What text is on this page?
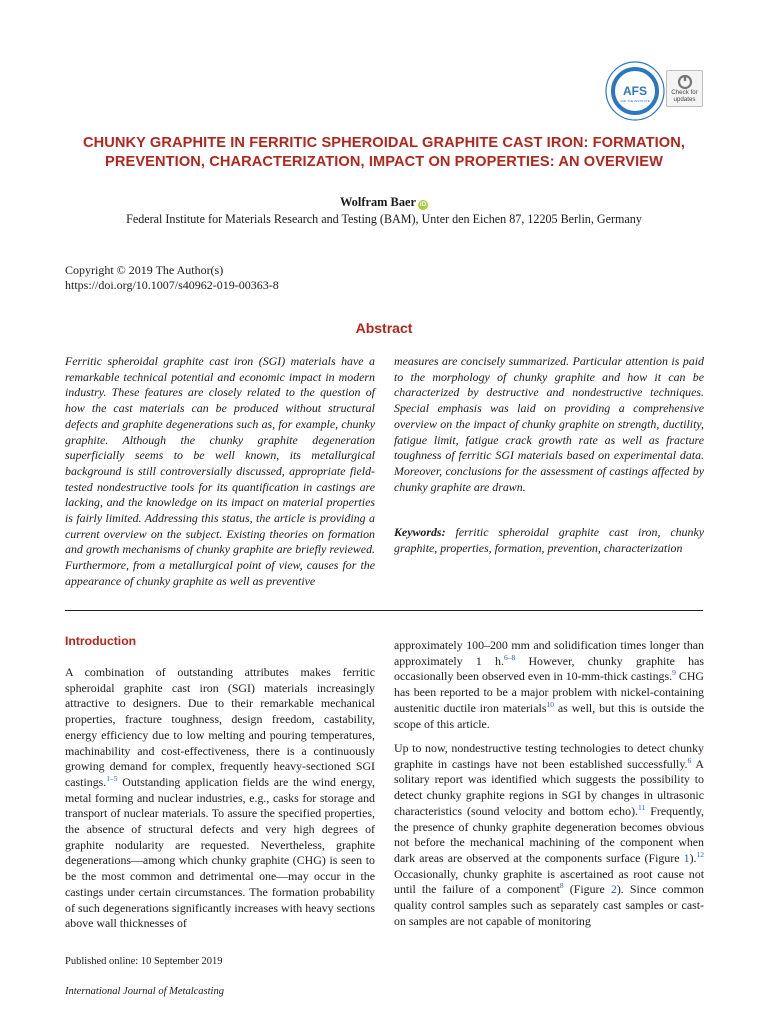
AFS
AND THE INSTITUTE
AMERICAN FOUNDRY SOCIETY
Check for
updates
CHUNKY GRAPHITE IN FERRITIC SPHEROIDAL GRAPHITE CAST IRON: FORMATION,
PREVENTION, CHARACTERIZATION, IMPACT ON PROPERTIES: AN OVERVIEW
Wolfram Baer iD
Federal Institute for Materials Research and Testing (BAM), Unter den Eichen 87, 12205 Berlin, Germany
Copyright © 2019 The Author(s)
https://doi.org/10.1007/s40962-019-00363-8
Abstract
Ferritic spheroidal graphite cast iron (SGI) materials have a remarkable technical potential and economic impact in modern industry. These features are closely related to the question of how the cast materials can be produced without structural defects and graphite degenerations such as, for example, chunky graphite. Although the chunky graphite degeneration superficially seems to be well known, its metallurgical background is still controversially discussed, appropriate field-tested nondestructive tools for its quantification in castings are lacking, and the knowledge on its impact on material properties is fairly limited. Addressing this status, the article is providing a current overview on the subject. Existing theories on formation and growth mechanisms of chunky graphite are briefly reviewed. Furthermore, from a metallurgical point of view, causes for the appearance of chunky graphite as well as preventive
measures are concisely summarized. Particular attention is paid to the morphology of chunky graphite and how it can be characterized by destructive and nondestructive techniques. Special emphasis was laid on providing a comprehensive overview on the impact of chunky graphite on strength, ductility, fatigue limit, fatigue crack growth rate as well as fracture toughness of ferritic SGI materials based on experimental data. Moreover, conclusions for the assessment of castings affected by chunky graphite are drawn.
Keywords: ferritic spheroidal graphite cast iron, chunky graphite, properties, formation, prevention, characterization
Introduction
A combination of outstanding attributes makes ferritic spheroidal graphite cast iron (SGI) materials increasingly attractive to designers. Due to their remarkable mechanical properties, fracture toughness, design freedom, castability, energy efficiency due to low melting and pouring temperatures, machinability and cost-effectiveness, there is a continuously growing demand for complex, frequently heavy-sectioned SGI castings.$^{1-5}$ Outstanding application fields are the wind energy, metal forming and nuclear industries, e.g., casks for storage and transport of nuclear materials. To assure the specified properties, the absence of structural defects and very high degrees of graphite nodularity are requested. Nevertheless, graphite degenerations—among which chunky graphite (CHG) is seen to be the most common and detrimental one—may occur in the castings under certain circumstances. The formation probability of such degenerations significantly increases with heavy sections above wall thicknesses of
approximately 100–200 mm and solidification times longer than approximately 1 h.$^{6-8}$ However, chunky graphite has occasionally been observed even in 10-mm-thick castings.$^9$ CHG has been reported to be a major problem with nickel-containing austenitic ductile iron materials$^{10}$ as well, but this is outside the scope of this article.
Up to now, nondestructive testing technologies to detect chunky graphite in castings have not been established successfully.$^6$ A solitary report was identified which suggests the possibility to detect chunky graphite regions in SGI by changes in ultrasonic characteristics (sound velocity and bottom echo).$^{11}$ Frequently, the presence of chunky graphite degeneration becomes obvious not before the mechanical machining of the component when dark areas are observed at the components surface (Figure 1).$^{12}$ Occasionally, chunky graphite is ascertained as root cause not until the failure of a component$^8$ (Figure 2). Since common quality control samples such as separately cast samples or cast-on samples are not capable of monitoring
Published online: 10 September 2019
International Journal of Metalcasting
